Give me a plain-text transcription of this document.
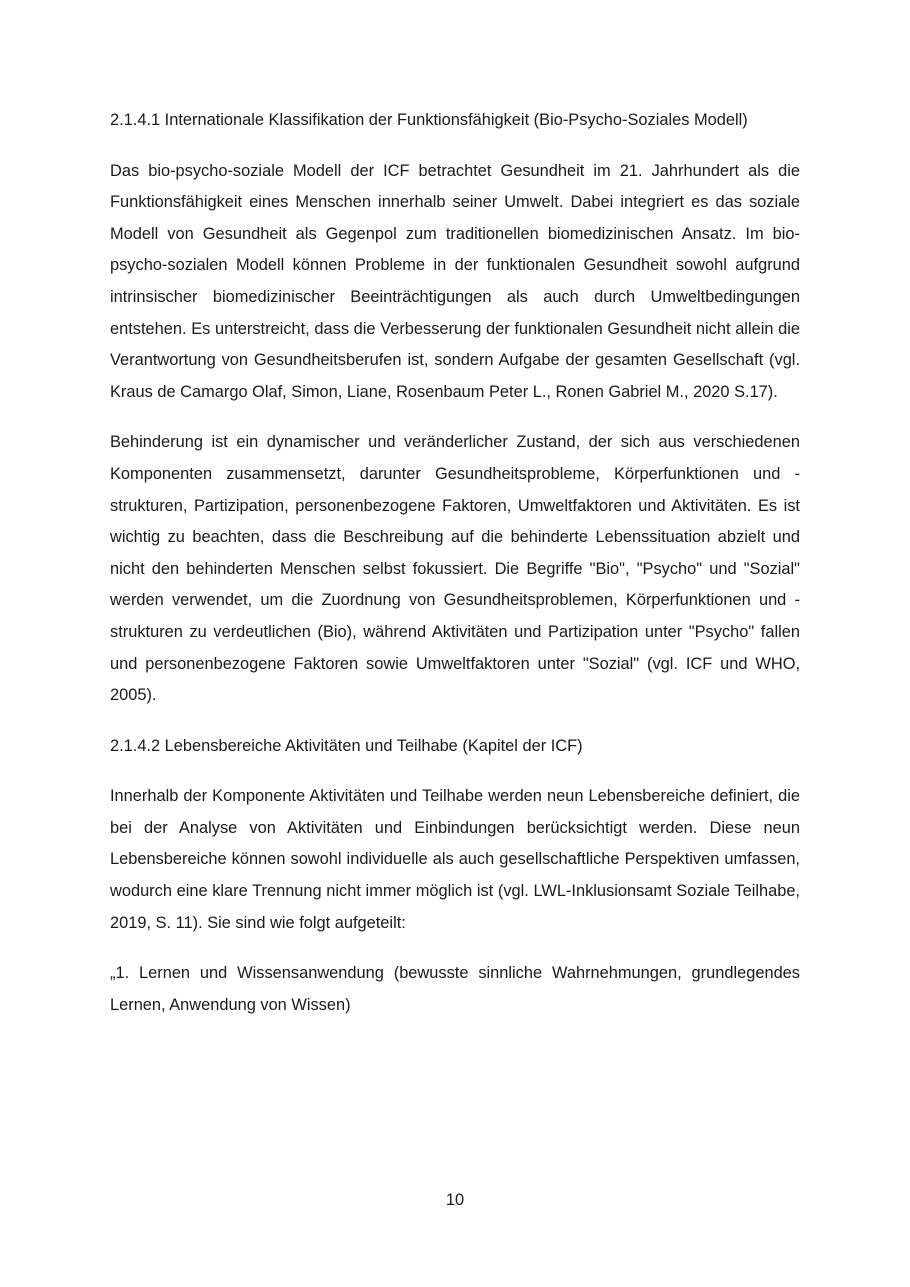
2.1.4.1 Internationale Klassifikation der Funktionsfähigkeit (Bio-Psycho-Soziales Modell)

Das bio-psycho-soziale Modell der ICF betrachtet Gesundheit im 21. Jahrhundert als die Funktionsfähigkeit eines Menschen innerhalb seiner Umwelt. Dabei integriert es das soziale Modell von Gesundheit als Gegenpol zum traditionellen biomedizinischen Ansatz. Im bio-psycho-sozialen Modell können Probleme in der funktionalen Gesundheit sowohl aufgrund intrinsischer biomedizinischer Beeinträchtigungen als auch durch Umweltbedingungen entstehen. Es unterstreicht, dass die Verbesserung der funktionalen Gesundheit nicht allein die Verantwortung von Gesundheitsberufen ist, sondern Aufgabe der gesamten Gesellschaft (vgl. Kraus de Camargo Olaf, Simon, Liane, Rosenbaum Peter L., Ronen Gabriel M., 2020 S.17).

Behinderung ist ein dynamischer und veränderlicher Zustand, der sich aus verschiedenen Komponenten zusammensetzt, darunter Gesundheitsprobleme, Körperfunktionen und -strukturen, Partizipation, personenbezogene Faktoren, Umweltfaktoren und Aktivitäten. Es ist wichtig zu beachten, dass die Beschreibung auf die behinderte Lebenssituation abzielt und nicht den behinderten Menschen selbst fokussiert. Die Begriffe "Bio", "Psycho" und "Sozial" werden verwendet, um die Zuordnung von Gesundheitsproblemen, Körperfunktionen und -strukturen zu verdeutlichen (Bio), während Aktivitäten und Partizipation unter "Psycho" fallen und personenbezogene Faktoren sowie Umweltfaktoren unter "Sozial" (vgl. ICF und WHO, 2005).

2.1.4.2 Lebensbereiche Aktivitäten und Teilhabe (Kapitel der ICF)

Innerhalb der Komponente Aktivitäten und Teilhabe werden neun Lebensbereiche definiert, die bei der Analyse von Aktivitäten und Einbindungen berücksichtigt werden. Diese neun Lebensbereiche können sowohl individuelle als auch gesellschaftliche Perspektiven umfassen, wodurch eine klare Trennung nicht immer möglich ist (vgl. LWL-Inklusionsamt Soziale Teilhabe, 2019, S. 11). Sie sind wie folgt aufgeteilt:

„1. Lernen und Wissensanwendung (bewusste sinnliche Wahrnehmungen, grundlegendes Lernen, Anwendung von Wissen)

10
